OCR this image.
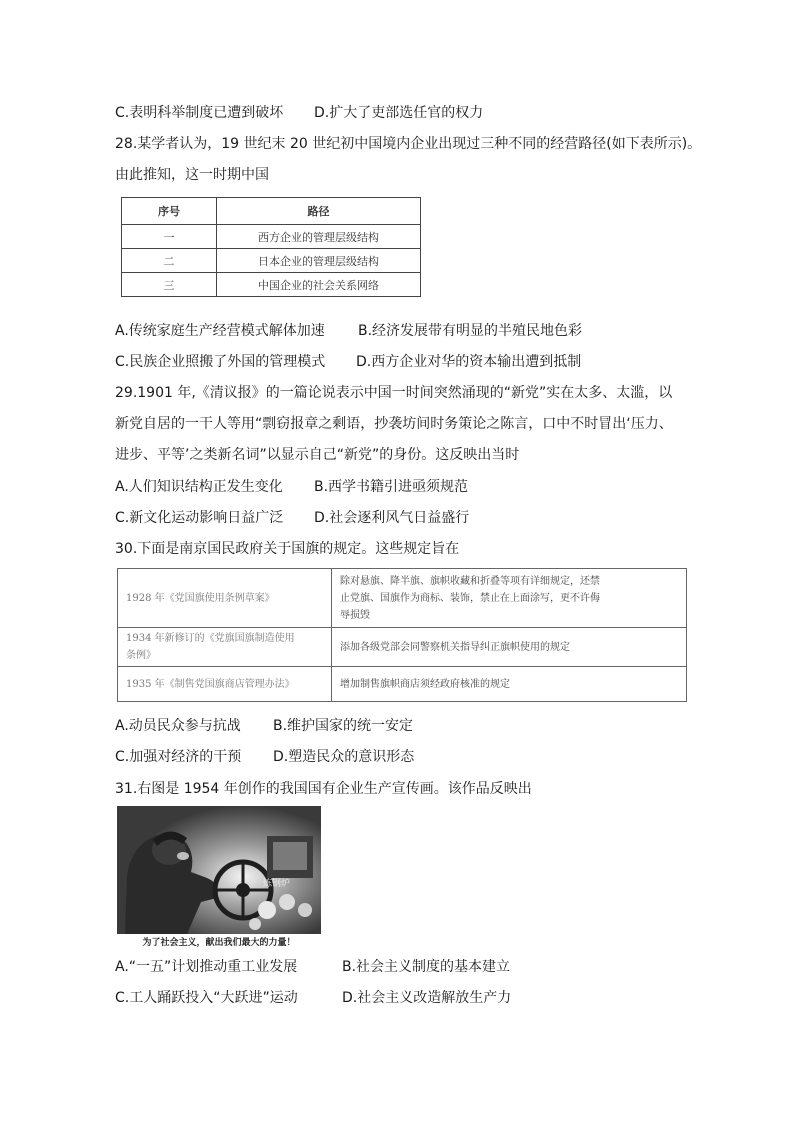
C.表明科举制度已遭到破坏 D.扩大了吏部选任官的权力
28.某学者认为，19 世纪末 20 世纪初中国境内企业出现过三种不同的经营路径(如下表所示)。
由此推知，这一时期中国
序号	路径
一	西方企业的管理层级结构
二	日本企业的管理层级结构
三	中国企业的社会关系网络
A.传统家庭生产经营模式解体加速 B.经济发展带有明显的半殖民地色彩
C.民族企业照搬了外国的管理模式 D.西方企业对华的资本输出遭到抵制
29.1901 年,《清议报》的一篇论说表示中国一时间突然涌现的“新党”实在太多、太滥，以
新党自居的一干人等用“剽窃报章之剩语，抄袭坊间时务策论之陈言，口中不时冒出‘压力、
进步、平等’之类新名词”以显示自己“新党”的身份。这反映出当时
A.人们知识结构正发生变化 B.西学书籍引进亟须规范
C.新文化运动影响日益广泛 D.社会逐利风气日益盛行
30.下面是南京国民政府关于国旗的规定。这些规定旨在
1928 年《党国旗使用条例草案》	除对悬旗、降半旗、旗帜收藏和折叠等项有详细规定，还禁
止党旗、国旗作为商标、装饰，禁止在上面涂写，更不许侮
辱损毁

1934 年新修订的《党旗国旗制造使用
条例》	添加各级党部会同警察机关指导纠正旗帜使用的规定

1935 年《制售党国旗商店管理办法》	增加制售旗帜商店须经政府核准的规定
A.动员民众参与抗战 B.维护国家的统一安定
C.加强对经济的干预 D.塑造民众的意识形态
31.右图是 1954 年创作的我国国有企业生产宣传画。该作品反映出
炼钢炉
为了社会主义，献出我们最大的力量！
A.“一五”计划推动重工业发展	B.社会主义制度的基本建立
C.工人踊跃投入“大跃进”运动	D.社会主义改造解放生产力
